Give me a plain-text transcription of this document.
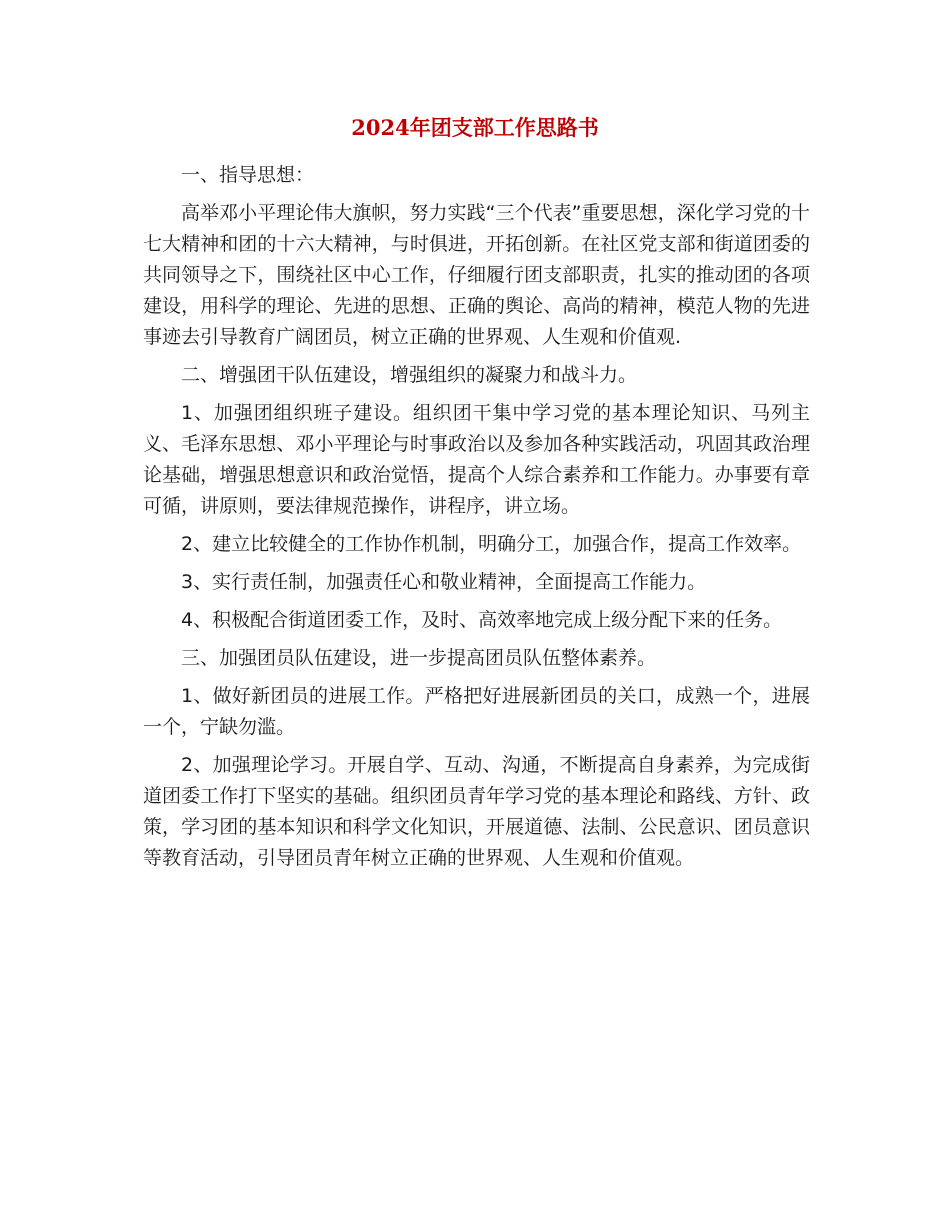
2024年团支部工作思路书

一、指导思想：

高举邓小平理论伟大旗帜，努力实践“三个代表”重要思想，深化学习党的十七大精神和团的十六大精神，与时俱进，开拓创新。在社区党支部和街道团委的共同领导之下，围绕社区中心工作，仔细履行团支部职责，扎实的推动团的各项建设，用科学的理论、先进的思想、正确的舆论、高尚的精神，模范人物的先进事迹去引导教育广阔团员，树立正确的世界观、人生观和价值观.

二、增强团干队伍建设，增强组织的凝聚力和战斗力。

1、加强团组织班子建设。组织团干集中学习党的基本理论知识、马列主义、毛泽东思想、邓小平理论与时事政治以及参加各种实践活动，巩固其政治理论基础，增强思想意识和政治觉悟，提高个人综合素养和工作能力。办事要有章可循，讲原则，要法律规范操作，讲程序，讲立场。

2、建立比较健全的工作协作机制，明确分工，加强合作，提高工作效率。

3、实行责任制，加强责任心和敬业精神，全面提高工作能力。

4、积极配合街道团委工作，及时、高效率地完成上级分配下来的任务。

三、加强团员队伍建设，进一步提高团员队伍整体素养。

1、做好新团员的进展工作。严格把好进展新团员的关口，成熟一个，进展一个，宁缺勿滥。

2、加强理论学习。开展自学、互动、沟通，不断提高自身素养，为完成街道团委工作打下坚实的基础。组织团员青年学习党的基本理论和路线、方针、政策，学习团的基本知识和科学文化知识，开展道德、法制、公民意识、团员意识等教育活动，引导团员青年树立正确的世界观、人生观和价值观。
